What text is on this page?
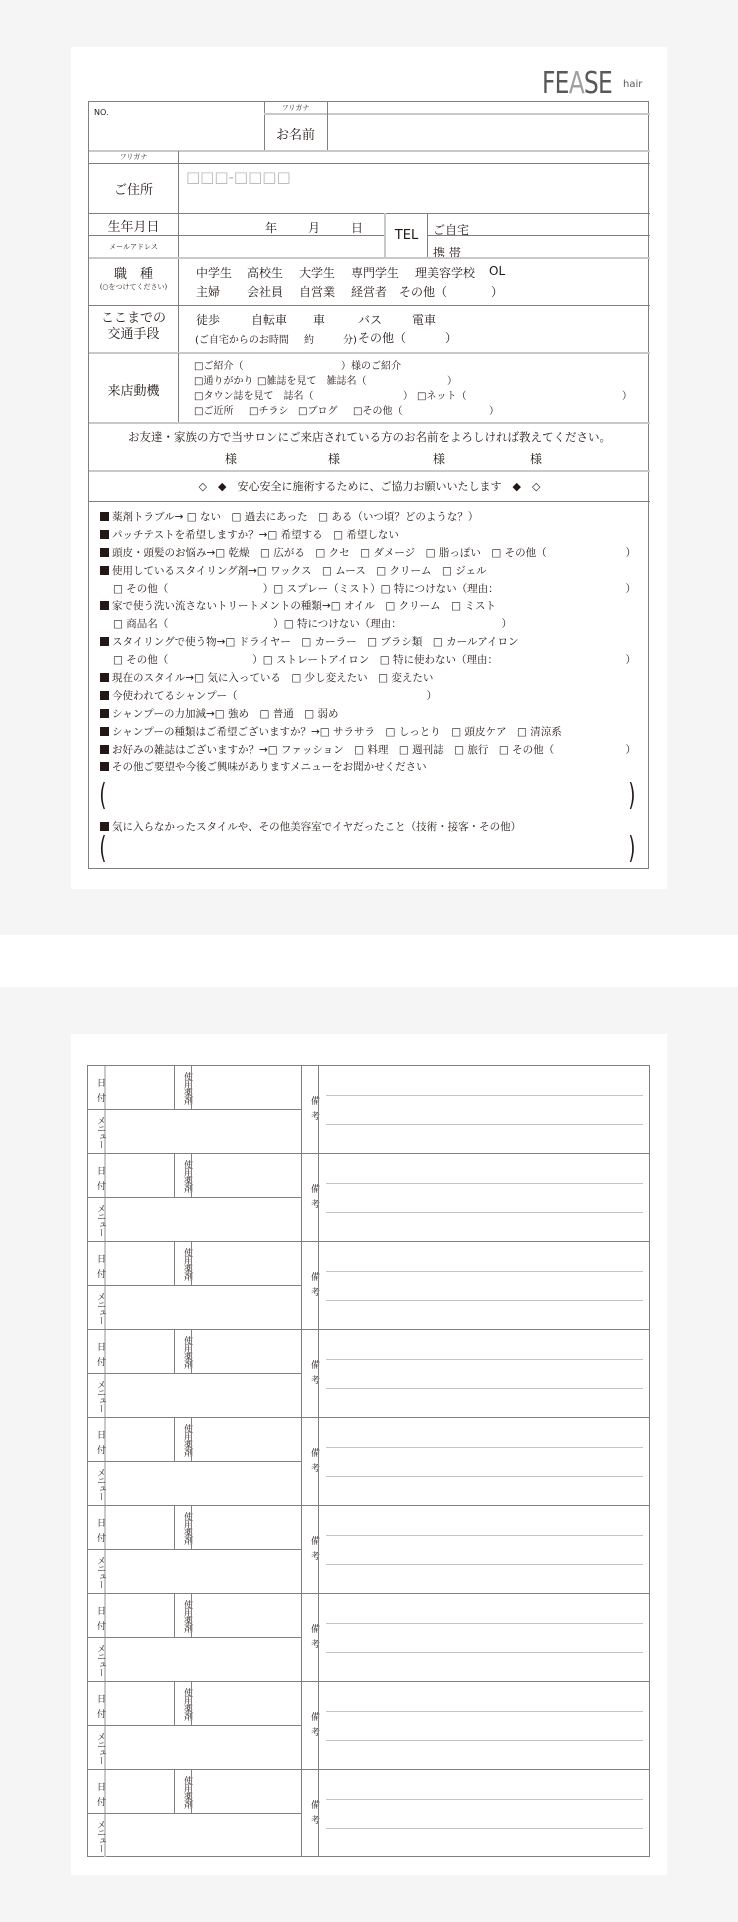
FEASE hair
NO.	フリガナ
お名前
フリガナ
ご住所
□□□-□□□□
生年月日	年	月	日
メールアドレス
TEL	ご自宅
携 帯
職　種
(○をつけてください)
中学生 高校生 大学生 専門学生 理美容学校 OL
主婦 会社員 自営業 経営者 その他（	）
ここまでの
交通手段
徒歩	自転車 車	バス 電車
(ご自宅からのお時間 約	分) その他（	）
来店動機
□ご紹介（	）様のご紹介
□通りがかり □雑誌を見て　雑誌名（	）
□タウン誌を見て　誌名（	） □ネット（	）
□ご近所 □チラシ □ブログ □その他（	）
お友達・家族の方で当サロンにご来店されている方のお名前をよろしければ教えてください。
様	様	様	様
◇　◆　安心安全に施術するために、ご協力お願いいたします　◆　◇
薬剤トラブル→ □ ない　□ 過去にあった　□ ある（いつ頃？どのような？）
パッチテストを希望しますか？→□ 希望する　□ 希望しない
頭皮・頭髪のお悩み→□ 乾燥　□ 広がる　□ クセ　□ ダメージ　□ 脂っぽい　□ その他（	）
使用しているスタイリング剤→□ ワックス　□ ムース　□ クリーム　□ ジェル
□ その他（　　　　　　　　　）□ スプレー（ミスト）□ 特につけない（理由：	）
家で使う洗い流さないトリートメントの種類→□ オイル　□ クリーム　□ ミスト
□ 商品名（　　　　　　　　　　）□ 特につけない（理由：　　　　　　　　　　）
スタイリングで使う物→□ ドライヤー　□ カーラー　□ ブラシ類　□ カールアイロン
□ その他（　　　　　　　　）□ ストレートアイロン　□ 特に使わない（理由：	）
現在のスタイル→□ 気に入っている　□ 少し変えたい　□ 変えたい
今使われてるシャンプー（　　　　　　　　　　　　　　　　　　）
シャンプーの力加減→□ 強め　□ 普通　□ 弱め
シャンプーの種類はご希望ございますか？→□ サラサラ　□ しっとり　□ 頭皮ケア　□ 清涼系
お好みの雑誌はございますか？→□ ファッション　□ 料理　□ 週刊誌　□ 旅行　□ その他（	）
その他ご要望や今後ご興味がありますメニューをお聞かせください
(	)
気に入らなかったスタイルや、その他美容室でイヤだったこと（技術・接客・その他）
(	)
日付	使用薬剤
メニュー
備考
日付	使用薬剤
メニュー
備考
日付	使用薬剤
メニュー
備考
日付	使用薬剤
メニュー
備考
日付	使用薬剤
メニュー
備考
日付	使用薬剤
メニュー
備考
日付	使用薬剤
メニュー
備考
日付	使用薬剤
メニュー
備考
日付	使用薬剤
メニュー
備考
